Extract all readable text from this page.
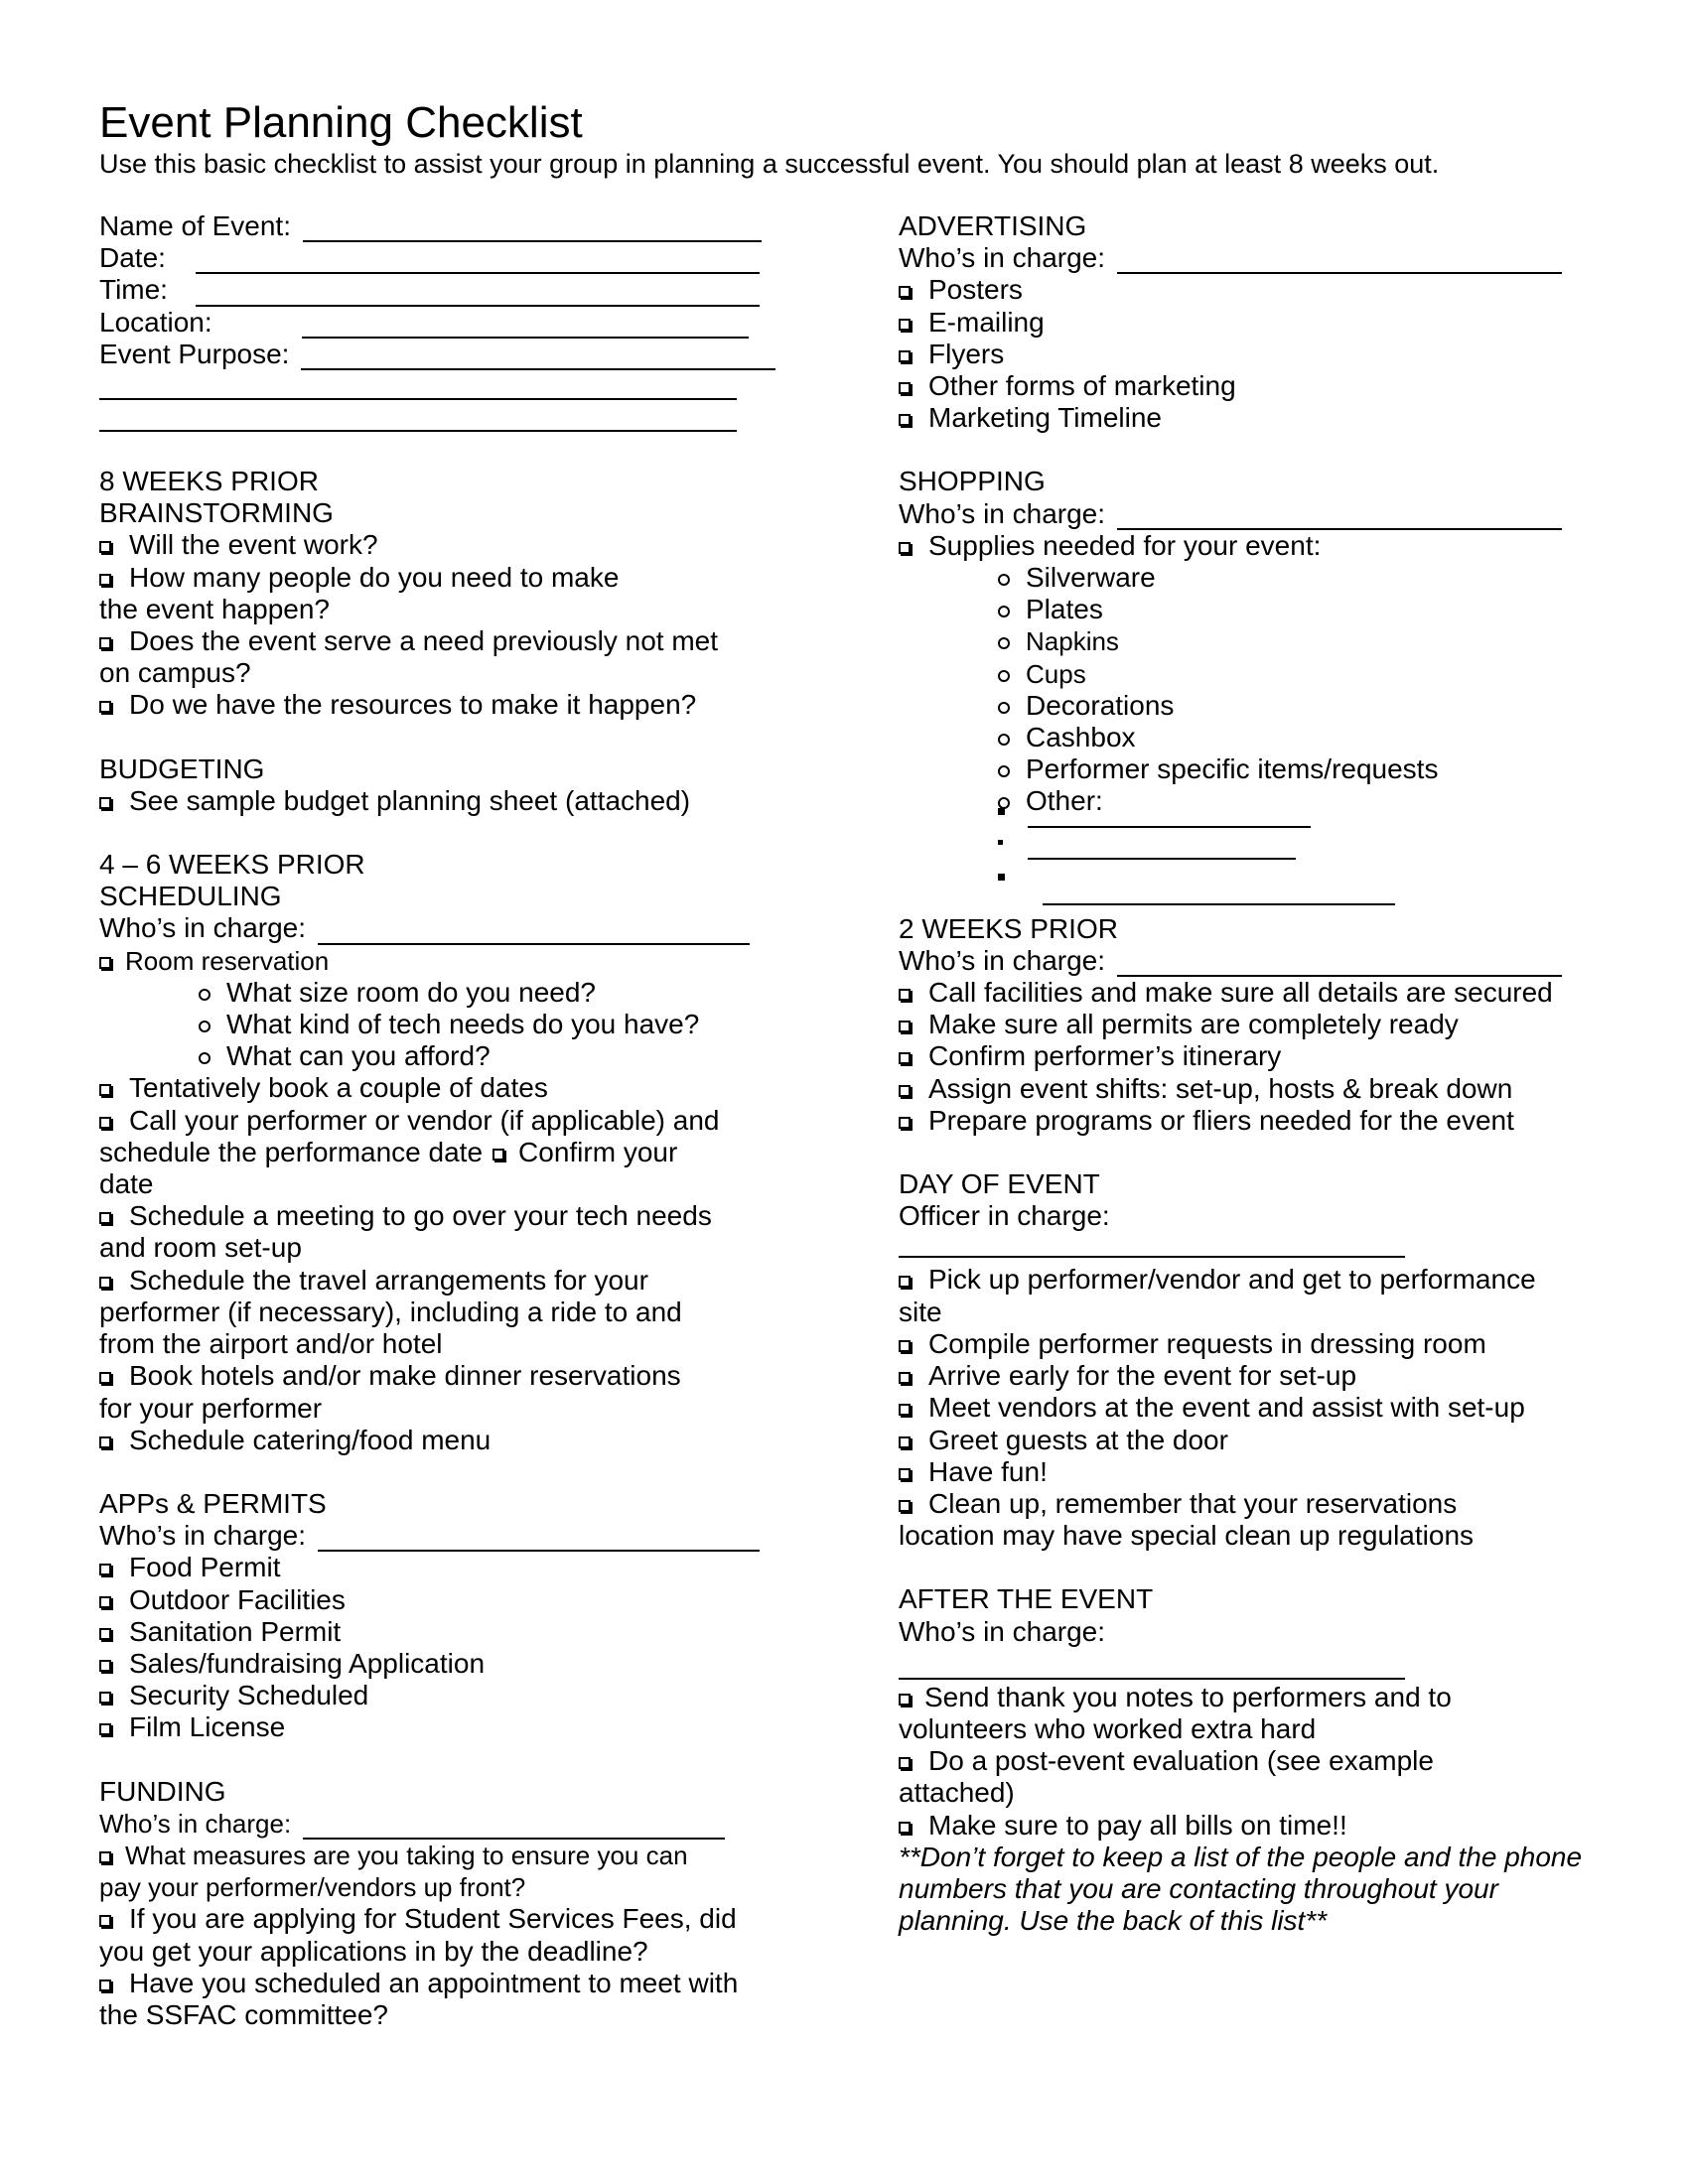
Event Planning Checklist
Use this basic checklist to assist your group in planning a successful event. You should plan at least 8 weeks out.
Name of Event:
Date:
Time:
Location:
Event Purpose:
8 WEEKS PRIOR
BRAINSTORMING
Will the event work?
How many people do you need to make
the event happen?
Does the event serve a need previously not met
on campus?
Do we have the resources to make it happen?
BUDGETING
See sample budget planning sheet (attached)
4 – 6 WEEKS PRIOR
SCHEDULING
Who’s in charge:
Room reservation
What size room do you need?
What kind of tech needs do you have?
What can you afford?
Tentatively book a couple of dates
Call your performer or vendor (if applicable) and
schedule the performance date Confirm your
date
Schedule a meeting to go over your tech needs
and room set-up
Schedule the travel arrangements for your
performer (if necessary), including a ride to and
from the airport and/or hotel
Book hotels and/or make dinner reservations
for your performer
Schedule catering/food menu
APPs & PERMITS
Who’s in charge:
Food Permit
Outdoor Facilities
Sanitation Permit
Sales/fundraising Application
Security Scheduled
Film License
FUNDING
Who’s in charge:
What measures are you taking to ensure you can
pay your performer/vendors up front?
If you are applying for Student Services Fees, did
you get your applications in by the deadline?
Have you scheduled an appointment to meet with
the SSFAC committee?
ADVERTISING
Who’s in charge:
Posters
E-mailing
Flyers
Other forms of marketing
Marketing Timeline
SHOPPING
Who’s in charge:
Supplies needed for your event:
Silverware
Plates
Napkins
Cups
Decorations
Cashbox
Performer specific items/requests
Other:
2 WEEKS PRIOR
Who’s in charge:
Call facilities and make sure all details are secured
Make sure all permits are completely ready
Confirm performer’s itinerary
Assign event shifts: set-up, hosts & break down
Prepare programs or fliers needed for the event
DAY OF EVENT
Officer in charge:
Pick up performer/vendor and get to performance
site
Compile performer requests in dressing room
Arrive early for the event for set-up
Meet vendors at the event and assist with set-up
Greet guests at the door
Have fun!
Clean up, remember that your reservations
location may have special clean up regulations
AFTER THE EVENT
Who’s in charge:
Send thank you notes to performers and to
volunteers who worked extra hard
Do a post-event evaluation (see example
attached)
Make sure to pay all bills on time!!
**Don’t forget to keep a list of the people and the phone numbers that you are contacting throughout your planning. Use the back of this list**
